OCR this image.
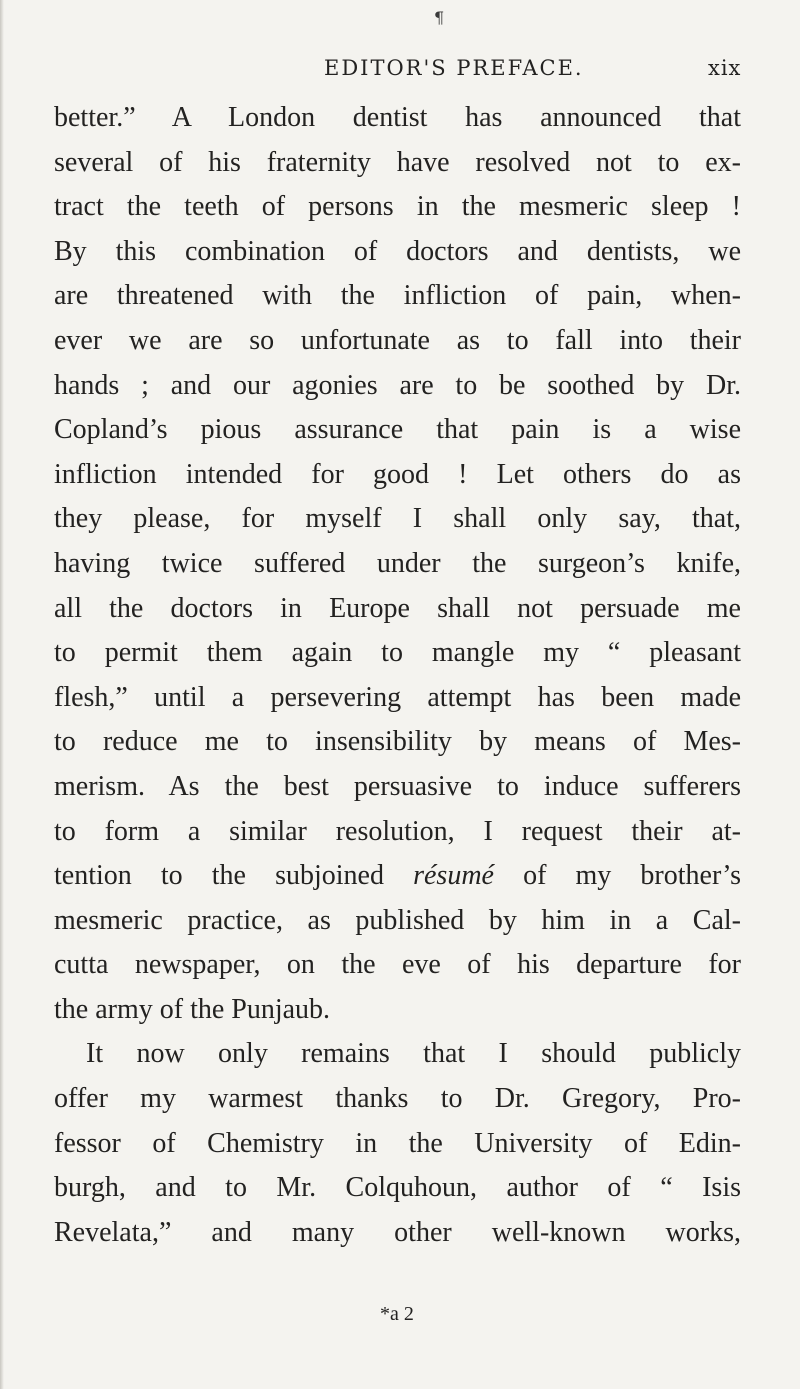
¶
EDITOR'S PREFACE.	xix
better.” A London dentist has announced that
several of his fraternity have resolved not to ex-
tract the teeth of persons in the mesmeric sleep !
By this combination of doctors and dentists, we
are threatened with the infliction of pain, when-
ever we are so unfortunate as to fall into their
hands ; and our agonies are to be soothed by Dr.
Copland’s pious assurance that pain is a wise
infliction intended for good ! Let others do as
they please, for myself I shall only say, that,
having twice suffered under the surgeon’s knife,
all the doctors in Europe shall not persuade me
to permit them again to mangle my “ pleasant
flesh,” until a persevering attempt has been made
to reduce me to insensibility by means of Mes-
merism. As the best persuasive to induce sufferers
to form a similar resolution, I request their at-
tention to the subjoined résumé of my brother’s
mesmeric practice, as published by him in a Cal-
cutta newspaper, on the eve of his departure for
the army of the Punjaub.
It now only remains that I should publicly
offer my warmest thanks to Dr. Gregory, Pro-
fessor of Chemistry in the University of Edin-
burgh, and to Mr. Colquhoun, author of “ Isis
Revelata,” and many other well-known works,
*a 2
